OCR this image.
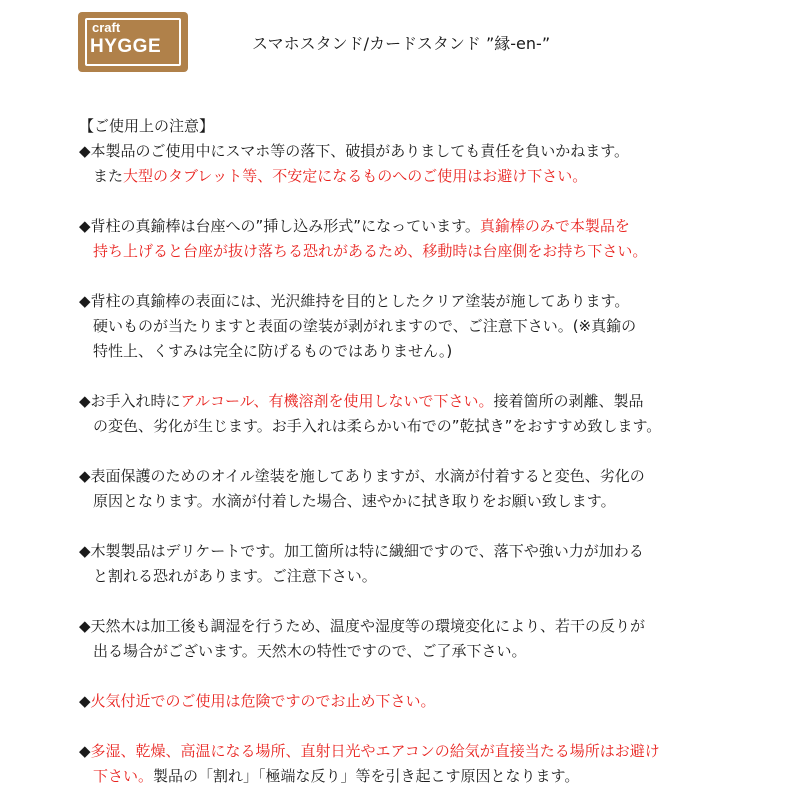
craft
HYGGE	スマホスタンド/カードスタンド ”縁-en-”
【ご使用上の注意】
◆本製品のご使用中にスマホ等の落下、破損がありましても責任を負いかねます。
また大型のタブレット等、不安定になるものへのご使用はお避け下さい。
◆背柱の真鍮棒は台座への”挿し込み形式”になっています。真鍮棒のみで本製品を
持ち上げると台座が抜け落ちる恐れがあるため、移動時は台座側をお持ち下さい。
◆背柱の真鍮棒の表面には、光沢維持を目的としたクリア塗装が施してあります。
硬いものが当たりますと表面の塗装が剥がれますので、ご注意下さい。(※真鍮の
特性上、くすみは完全に防げるものではありません。)
◆お手入れ時にアルコール、有機溶剤を使用しないで下さい。接着箇所の剥離、製品
の変色、劣化が生じます。お手入れは柔らかい布での”乾拭き”をおすすめ致します。
◆表面保護のためのオイル塗装を施してありますが、水滴が付着すると変色、劣化の
原因となります。水滴が付着した場合、速やかに拭き取りをお願い致します。
◆木製製品はデリケートです。加工箇所は特に繊細ですので、落下や強い力が加わる
と割れる恐れがあります。ご注意下さい。
◆天然木は加工後も調湿を行うため、温度や湿度等の環境変化により、若干の反りが
出る場合がございます。天然木の特性ですので、ご了承下さい。
◆火気付近でのご使用は危険ですのでお止め下さい。
◆多湿、乾燥、高温になる場所、直射日光やエアコンの給気が直接当たる場所はお避け
下さい。製品の「割れ」「極端な反り」等を引き起こす原因となります。
